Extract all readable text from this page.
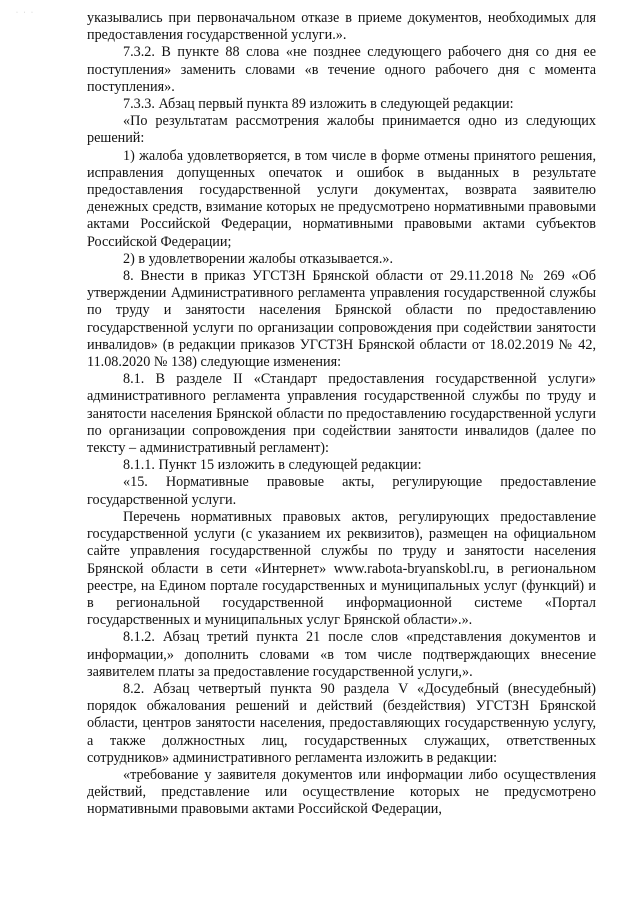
· · ·	указывались при первоначальном отказе в приеме документов, необходимых для предоставления государственной услуги.».

7.3.2. В пункте 88 слова «не позднее следующего рабочего дня со дня ее поступления» заменить словами «в течение одного рабочего дня с момента поступления».

7.3.3. Абзац первый пункта 89 изложить в следующей редакции:

«По результатам рассмотрения жалобы принимается одно из следующих решений:

1) жалоба удовлетворяется, в том числе в форме отмены принятого решения, исправления допущенных опечаток и ошибок в выданных в результате предоставления государственной услуги документах, возврата заявителю денежных средств, взимание которых не предусмотрено нормативными правовыми актами Российской Федерации, нормативными правовыми актами субъектов Российской Федерации;

2) в удовлетворении жалобы отказывается.».

8. Внести в приказ УГСТЗН Брянской области от 29.11.2018 № 269 «Об утверждении Административного регламента управления государственной службы по труду и занятости населения Брянской области по предоставлению государственной услуги по организации сопровождения при содействии занятости инвалидов» (в редакции приказов УГСТЗН Брянской области от 18.02.2019 № 42, 11.08.2020 № 138) следующие изменения:

8.1. В разделе II «Стандарт предоставления государственной услуги» административного регламента управления государственной службы по труду и занятости населения Брянской области по предоставлению государственной услуги по организации сопровождения при содействии занятости инвалидов (далее по тексту – административный регламент):

8.1.1. Пункт 15 изложить в следующей редакции:

«15. Нормативные правовые акты, регулирующие предоставление государственной услуги.

Перечень нормативных правовых актов, регулирующих предоставление государственной услуги (с указанием их реквизитов), размещен на официальном сайте управления государственной службы по труду и занятости населения Брянской области в сети «Интернет» www.rabota-bryanskobl.ru, в региональном реестре, на Едином портале государственных и муниципальных услуг (функций) и в региональной государственной информационной системе «Портал государственных и муниципальных услуг Брянской области».».

8.1.2. Абзац третий пункта 21 после слов «представления документов и информации,» дополнить словами «в том числе подтверждающих внесение заявителем платы за предоставление государственной услуги,».

8.2. Абзац четвертый пункта 90 раздела V «Досудебный (внесудебный) порядок обжалования решений и действий (бездействия) УГСТЗН Брянской области, центров занятости населения, предоставляющих государственную услугу, а также должностных лиц, государственных служащих, ответственных сотрудников» административного регламента изложить в редакции:

«требование у заявителя документов или информации либо осуществления действий, представление или осуществление которых не предусмотрено нормативными правовыми актами Российской Федерации,
